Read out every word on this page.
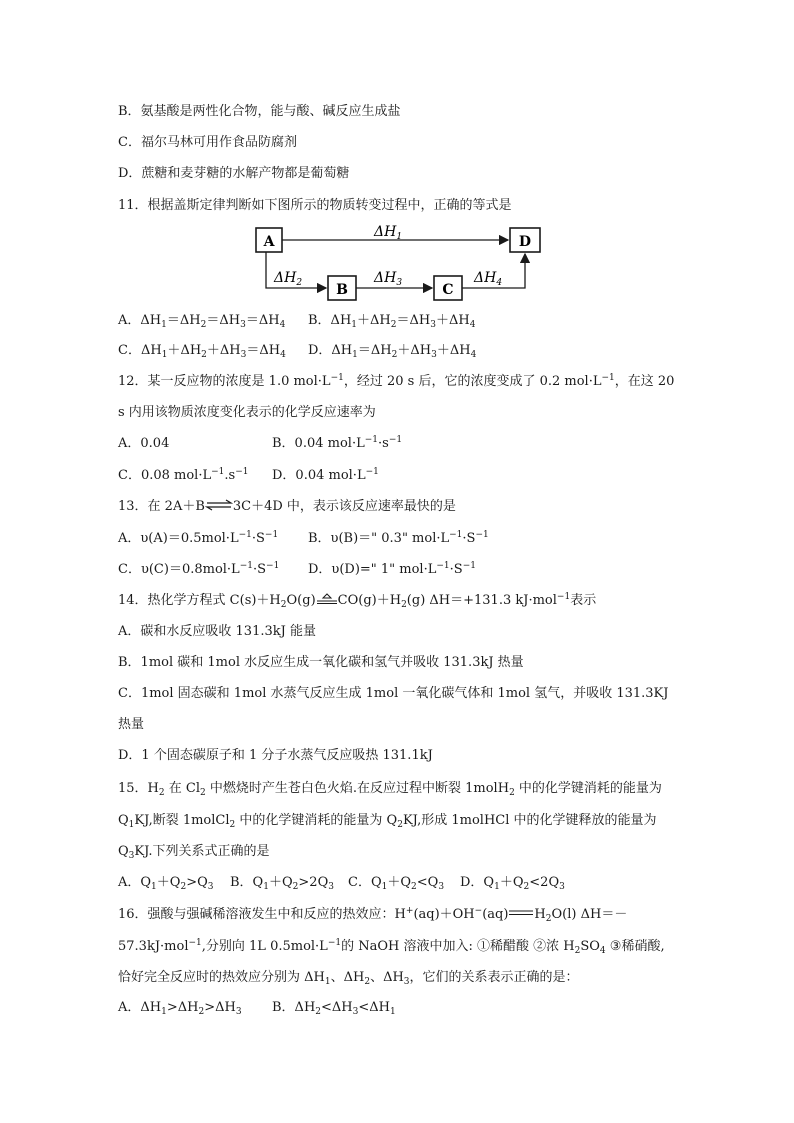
B．氨基酸是两性化合物，能与酸、碱反应生成盐
C．福尔马林可用作食品防腐剂
D．蔗糖和麦芽糖的水解产物都是葡萄糖
11．根据盖斯定律判断如下图所示的物质转变过程中，正确的等式是
A	D
B	C
$\Delta H_1$
$\Delta H_2$	$\Delta H_3$	$\Delta H_4$
A．$\Delta H_1=\Delta H_2=\Delta H_3=\Delta H_4$ B．$\Delta H_1+\Delta H_2=\Delta H_3+\Delta H_4$
C．$\Delta H_1+\Delta H_2+\Delta H_3=\Delta H_4$ D．$\Delta H_1=\Delta H_2+\Delta H_3+\Delta H_4$
12．某一反应物的浓度是 1.0 $mol\cdot L^{-1}$，经过 20 s 后，它的浓度变成了 0.2 $mol\cdot L^{-1}$，在这 20
s 内用该物质浓度变化表示的化学反应速率为
A．0.04	B．0.04 $mol\cdot L^{-1}\cdot s^{-1}$
C．0.08 $mol\cdot L^{-1}.s^{-1}$ D．0.04 $mol\cdot L^{-1}$
13．在 2A＋B⇌3C＋4D 中，表示该反应速率最快的是
A．$\upsilon(A)=0.5mol\cdot L^{-1}\cdot S^{-1}$ B．υ(B)＝" 0.3" $mol\cdot L^{-1}\cdot S^{-1}$
C．$\upsilon(C)=0.8mol\cdot L^{-1}\cdot S^{-1}$ D．υ(D)=" 1" $mol\cdot L^{-1}\cdot S^{-1}$
14．热化学方程式 $C(s)+H_2O(g)$ $CO(g)+H_2(g)$ ΔH＝+131.3 kJ·mol$^{-1}$表示
A．碳和水反应吸收 131.3kJ 能量
B．1mol 碳和 1mol 水反应生成一氧化碳和氢气并吸收 131.3kJ 热量
C．1mol 固态碳和 1mol 水蒸气反应生成 1mol 一氧化碳气体和 1mol 氢气，并吸收 131.3KJ
热量
D．1 个固态碳原子和 1 分子水蒸气反应吸热 131.1kJ
15．$H_2$ 在 $Cl_2$ 中燃烧时产生苍白色火焰.在反应过程中断裂 1molH$_2$ 中的化学键消耗的能量为
$Q_1KJ$,断裂 1molCl$_2$ 中的化学键消耗的能量为 $Q_2KJ$,形成 1molHCl 中的化学键释放的能量为
$Q_3KJ$.下列关系式正确的是
A．$Q_1+Q_2>Q_3$ B．$Q_1+Q_2>2Q_3$ C．$Q_1+Q_2<Q_3$ D．$Q_1+Q_2<2Q_3$
16．强酸与强碱稀溶液发生中和反应的热效应：H+(aq)＋OH−(aq) $H_2O(l)$ ΔH＝－
57.3kJ·mol$^{-1}$,分别向 1L $0.5mol\cdot L^{-1}$的 NaOH 溶液中加入: ①稀醋酸 ②浓 $H_2SO_4$ ③稀硝酸,
恰好完全反应时的热效应分别为 $\Delta H_1$、$\Delta H_2$、$\Delta H_3$，它们的关系表示正确的是：
A．$\Delta H_1>\Delta H_2>\Delta H_3$ B．$\Delta H_2<\Delta H_3<\Delta H_1$
